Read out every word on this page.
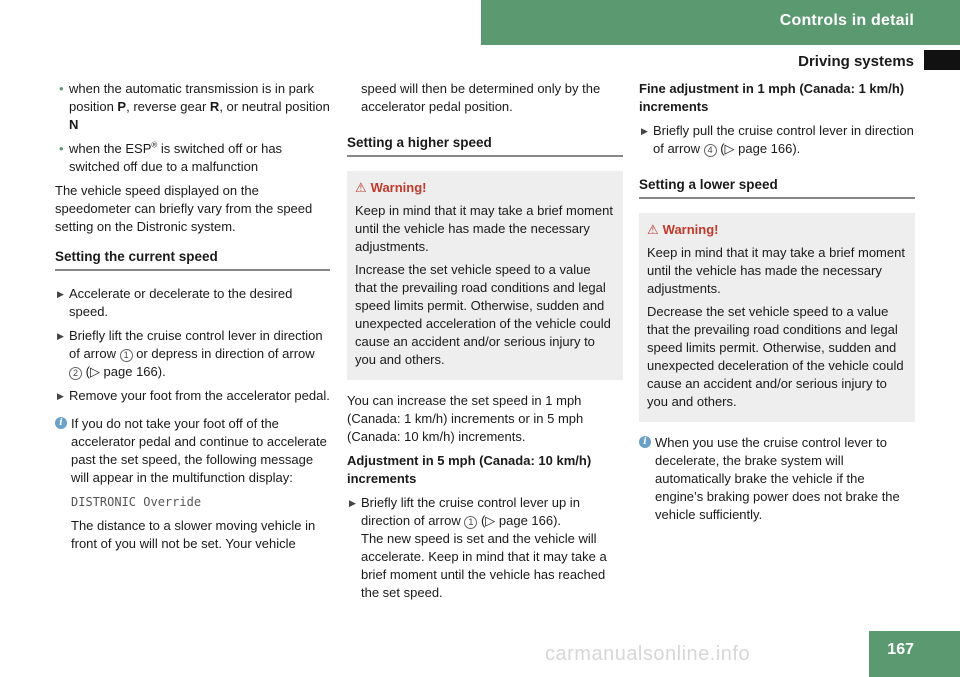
Controls in detail
Driving systems
• when the automatic transmission is in park position P, reverse gear R, or neutral position N
• when the ESP® is switched off or has switched off due to a malfunction

The vehicle speed displayed on the speedometer can briefly vary from the speed setting on the Distronic system.

Setting the current speed
▶ Accelerate or decelerate to the desired speed.
▶ Briefly lift the cruise control lever in direction of arrow 1 or depress in direction of arrow 2 (▷ page 166).
▶ Remove your foot from the accelerator pedal.
i If you do not take your foot off of the accelerator pedal and continue to accelerate past the set speed, the following message will appear in the multifunction display:

DISTRONIC Override

The distance to a slower moving vehicle in front of you will not be set. Your vehicle

speed will then be determined only by the accelerator pedal position.

Setting a higher speed
⚠ Warning!

Keep in mind that it may take a brief moment until the vehicle has made the necessary adjustments.

Increase the set vehicle speed to a value that the prevailing road conditions and legal speed limits permit. Otherwise, sudden and unexpected acceleration of the vehicle could cause an accident and/or serious injury to you and others.

You can increase the set speed in 1 mph (Canada: 1 km/h) increments or in 5 mph (Canada: 10 km/h) increments.

Adjustment in 5 mph (Canada: 10 km/h) increments
▶ Briefly lift the cruise control lever up in direction of arrow 1 (▷ page 166).
The new speed is set and the vehicle will accelerate. Keep in mind that it may take a brief moment until the vehicle has reached the set speed.
Fine adjustment in 1 mph (Canada: 1 km/h) increments
▶ Briefly pull the cruise control lever in direction of arrow 4 (▷ page 166).
Setting a lower speed
⚠ Warning!

Keep in mind that it may take a brief moment until the vehicle has made the necessary adjustments.

Decrease the set vehicle speed to a value that the prevailing road conditions and legal speed limits permit. Otherwise, sudden and unexpected deceleration of the vehicle could cause an accident and/or serious injury to you and others.

i When you use the cruise control lever to decelerate, the brake system will automatically brake the vehicle if the engine’s braking power does not brake the vehicle sufficiently.

167
carmanualsonline.info
